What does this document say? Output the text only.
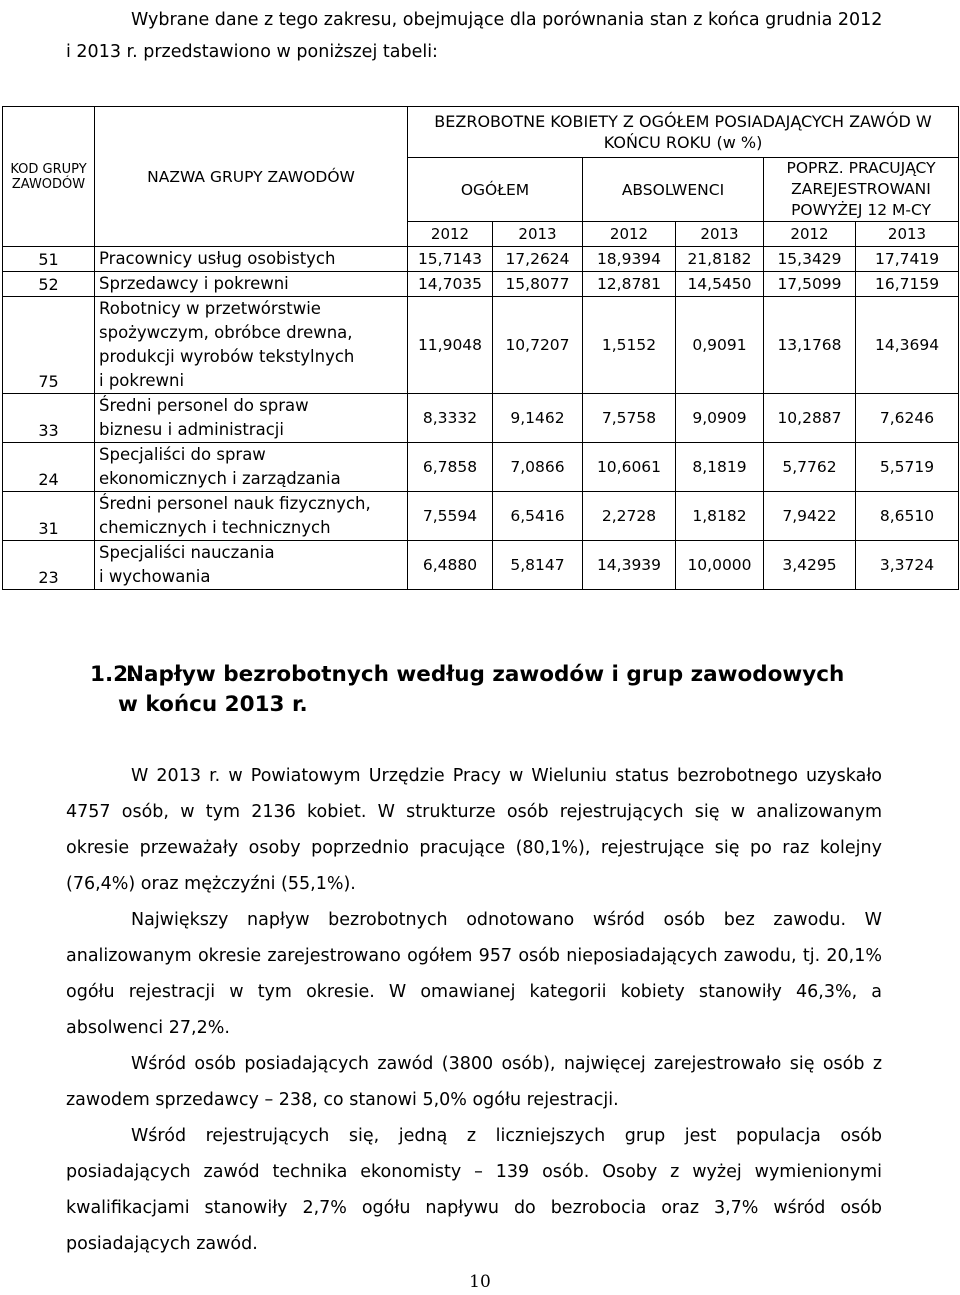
Wybrane dane z tego zakresu, obejmujące dla porównania stan z końca grudnia 2012
i 2013 r. przedstawiono w poniższej tabeli:
KOD GRUPY ZAWODÓW	NAZWA GRUPY ZAWODÓW	BEZROBOTNE KOBIETY Z OGÓŁEM POSIADAJĄCYCH ZAWÓD W KOŃCU ROKU (w %)					
		OGÓŁEM		ABSOLWENCI		POPRZ. PRACUJĄCY ZAREJESTROWANI POWYŻEJ 12 M-CY	
		2012	2013	2012	2013	2012	2013
51	Pracownicy usług osobistych	15,7143	17,2624	18,9394	21,8182	15,3429	17,7419
52	Sprzedawcy i pokrewni	14,7035	15,8077	12,8781	14,5450	17,5099	16,7159
75	Robotnicy w przetwórstwie
spożywczym, obróbce drewna,
produkcji wyrobów tekstylnych
i pokrewni	11,9048	10,7207	1,5152	0,9091	13,1768	14,3694
33	Średni personel do spraw
biznesu i administracji	8,3332	9,1462	7,5758	9,0909	10,2887	7,6246
24	Specjaliści do spraw
ekonomicznych i zarządzania	6,7858	7,0866	10,6061	8,1819	5,7762	5,5719
31	Średni personel nauk fizycznych,
chemicznych i technicznych	7,5594	6,5416	2,2728	1,8182	7,9422	8,6510
23	Specjaliści nauczania
i wychowania	6,4880	5,8147	14,3939	10,0000	3,4295	3,3724
1.2.Napływ bezrobotnych według zawodów i grup zawodowych
w końcu 2013 r.

W 2013 r. w Powiatowym Urzędzie Pracy w Wieluniu status bezrobotnego uzyskało 4757 osób, w tym 2136 kobiet. W strukturze osób rejestrujących się w analizowanym okresie przeważały osoby poprzednio pracujące (80,1%), rejestrujące się po raz kolejny (76,4%) oraz mężczyźni (55,1%).

Największy napływ bezrobotnych odnotowano wśród osób bez zawodu. W analizowanym okresie zarejestrowano ogółem 957 osób nieposiadających zawodu, tj. 20,1% ogółu rejestracji w tym okresie. W omawianej kategorii kobiety stanowiły 46,3%, a absolwenci 27,2%.

Wśród osób posiadających zawód (3800 osób), najwięcej zarejestrowało się osób z zawodem sprzedawcy – 238, co stanowi 5,0% ogółu rejestracji.

Wśród rejestrujących się, jedną z liczniejszych grup jest populacja osób posiadających zawód technika ekonomisty – 139 osób. Osoby z wyżej wymienionymi kwalifikacjami stanowiły 2,7% ogółu napływu do bezrobocia oraz 3,7% wśród osób posiadających zawód.

10
